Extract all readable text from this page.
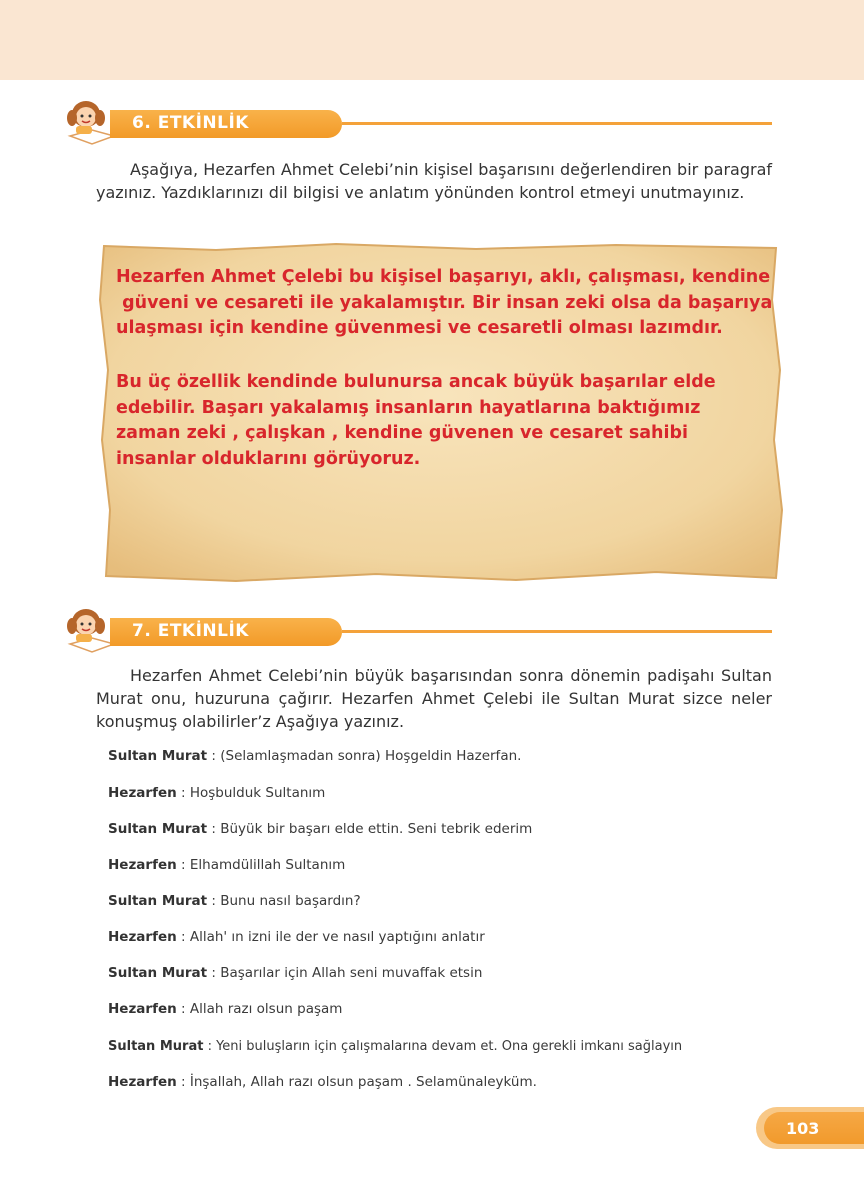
6. ETKİNLİK
Aşağıya, Hezarfen Ahmet Celebi’nin kişisel başarısını değerlendiren bir paragraf yazınız. Yazdıklarınızı dil bilgisi ve anlatım yönünden kontrol etmeyi unutmayınız.
Hezarfen Ahmet Çelebi bu kişisel başarıyı, aklı, çalışması, kendine
güveni ve cesareti ile yakalamıştır. Bir insan zeki olsa da başarıya
ulaşması için kendine güvenmesi ve cesaretli olması lazımdır.
Bu üç özellik kendinde bulunursa ancak büyük başarılar elde
edebilir. Başarı yakalamış insanların hayatlarına baktığımız
zaman zeki , çalışkan , kendine güvenen ve cesaret sahibi
insanlar olduklarını görüyoruz.
7. ETKİNLİK
Hezarfen Ahmet Celebi’nin büyük başarısından sonra dönemin padişahı Sultan Murat onu, huzuruna çağırır. Hezarfen Ahmet Çelebi ile Sultan Murat sizce neler konuşmuş olabilirler’z Aşağıya yazınız.
Sultan Murat : (Selamlaşmadan sonra) Hoşgeldin Hazerfan.
Hezarfen : Hoşbulduk Sultanım
Sultan Murat : Büyük bir başarı elde ettin. Seni tebrik ederim
Hezarfen : Elhamdülillah Sultanım
Sultan Murat : Bunu nasıl başardın?
Hezarfen : Allah' ın izni ile der ve nasıl yaptığını anlatır
Sultan Murat : Başarılar için Allah seni muvaffak etsin
Hezarfen : Allah razı olsun paşam
Sultan Murat : Yeni buluşların için çalışmalarına devam et. Ona gerekli imkanı sağlayın
Hezarfen : İnşallah, Allah razı olsun paşam . Selamünaleyküm.
103
